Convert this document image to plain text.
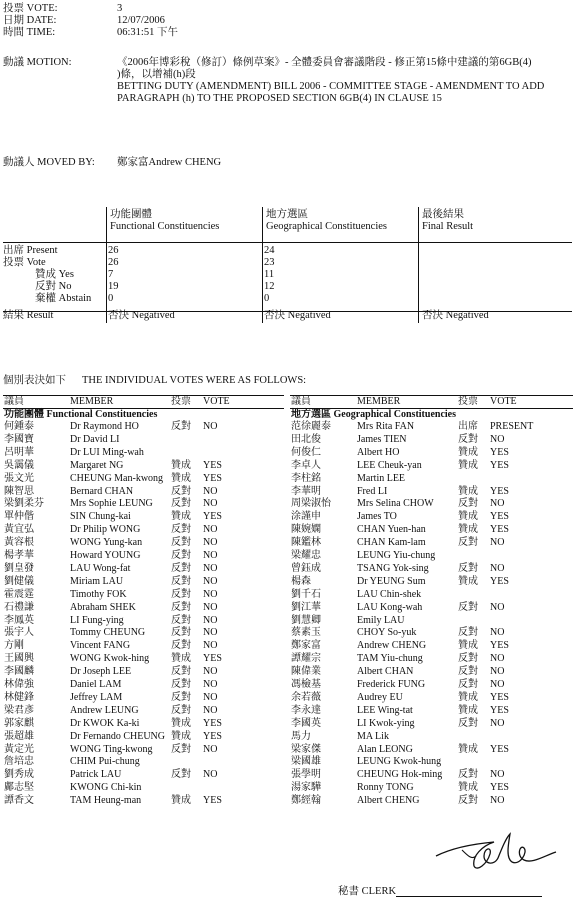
投票 VOTE:	3
日期 DATE:	12/07/2006
時間 TIME:	06:31:51 下午
動議 MOTION:	《2006年博彩稅（修訂）條例草案》- 全體委員會審議階段 - 修正第15條中建議的第6GB(4)
)條，以增補(h)段
BETTING DUTY (AMENDMENT) BILL 2006 - COMMITTEE STAGE - AMENDMENT TO ADD
PARAGRAPH (h) TO THE PROPOSED SECTION 6GB(4) IN CLAUSE 15
動議人 MOVED BY: 鄭家富Andrew CHENG
功能團體
Functional Constituencies
地方選區
Geographical Constituencies
最後結果
Final Result
出席 Present	26	24
投票 Vote	26	23
贊成 Yes	7	11
反對 No	19	12
棄權 Abstain 0	0
結果 Result	否決 Negatived	否決 Negatived	否決 Negatived
個別表決如下 THE INDIVIDUAL VOTES WERE AS FOLLOWS:
議員	MEMBER	投票 VOTE
功能團體 Functional Constituencies
何鍾泰	Dr Raymond HO	反對 NO
李國寶	Dr David LI
呂明華	Dr LUI Ming-wah
吳靄儀	Margaret NG	贊成 YES
張文光	CHEUNG Man-kwong 贊成 YES
陳智思	Bernard CHAN	反對 NO
梁劉柔芬	Mrs Sophie LEUNG 反對 NO
單仲偕	SIN Chung-kai	贊成 YES
黃宜弘	Dr Philip WONG	反對 NO
黃容根	WONG Yung-kan	反對 NO
楊孝華	Howard YOUNG	反對 NO
劉皇發	LAU Wong-fat	反對 NO
劉健儀	Miriam LAU	反對 NO
霍震霆	Timothy FOK	反對 NO
石禮謙	Abraham SHEK	反對 NO
李鳳英	LI Fung-ying	反對 NO
張宇人	Tommy CHEUNG	反對 NO
方剛	Vincent FANG	反對 NO
王國興	WONG Kwok-hing 贊成 YES
李國麟	Dr Joseph LEE	反對 NO
林偉強	Daniel LAM	反對 NO
林健鋒	Jeffrey LAM	反對 NO
梁君彥	Andrew LEUNG	反對 NO
郭家麒	Dr KWOK Ka-ki	贊成 YES
張超雄	Dr Fernando CHEUNG 贊成 YES
黃定光	WONG Ting-kwong 反對 NO
詹培忠	CHIM Pui-chung
劉秀成	Patrick LAU	反對 NO
鄺志堅	KWONG Chi-kin
譚香文	TAM Heung-man	贊成 YES
議員	MEMBER	投票 VOTE
地方選區 Geographical Constituencies
范徐麗泰	Mrs Rita FAN	出席 PRESENT
田北俊	James TIEN	反對 NO
何俊仁	Albert HO	贊成 YES
李卓人	LEE Cheuk-yan	贊成 YES
李柱銘	Martin LEE
李華明	Fred LI	贊成 YES
周梁淑怡	Mrs Selina CHOW 反對 NO
涂謹申	James TO	贊成 YES
陳婉嫻	CHAN Yuen-han	贊成 YES
陳鑑林	CHAN Kam-lam	反對 NO
梁耀忠	LEUNG Yiu-chung
曾鈺成	TSANG Yok-sing	反對 NO
楊森	Dr YEUNG Sum	贊成 YES
劉千石	LAU Chin-shek
劉江華	LAU Kong-wah	反對 NO
劉慧卿	Emily LAU
蔡素玉	CHOY So-yuk	反對 NO
鄭家富	Andrew CHENG	贊成 YES
譚耀宗	TAM Yiu-chung	反對 NO
陳偉業	Albert CHAN	反對 NO
馮檢基	Frederick FUNG	反對 NO
余若薇	Audrey EU	贊成 YES
李永達	LEE Wing-tat	贊成 YES
李國英	LI Kwok-ying	反對 NO
馬力	MA Lik
梁家傑	Alan LEONG	贊成 YES
梁國雄	LEUNG Kwok-hung
張學明	CHEUNG Hok-ming 反對 NO
湯家驊	Ronny TONG	贊成 YES
鄭經翰	Albert CHENG	反對 NO
秘書 CLERK
